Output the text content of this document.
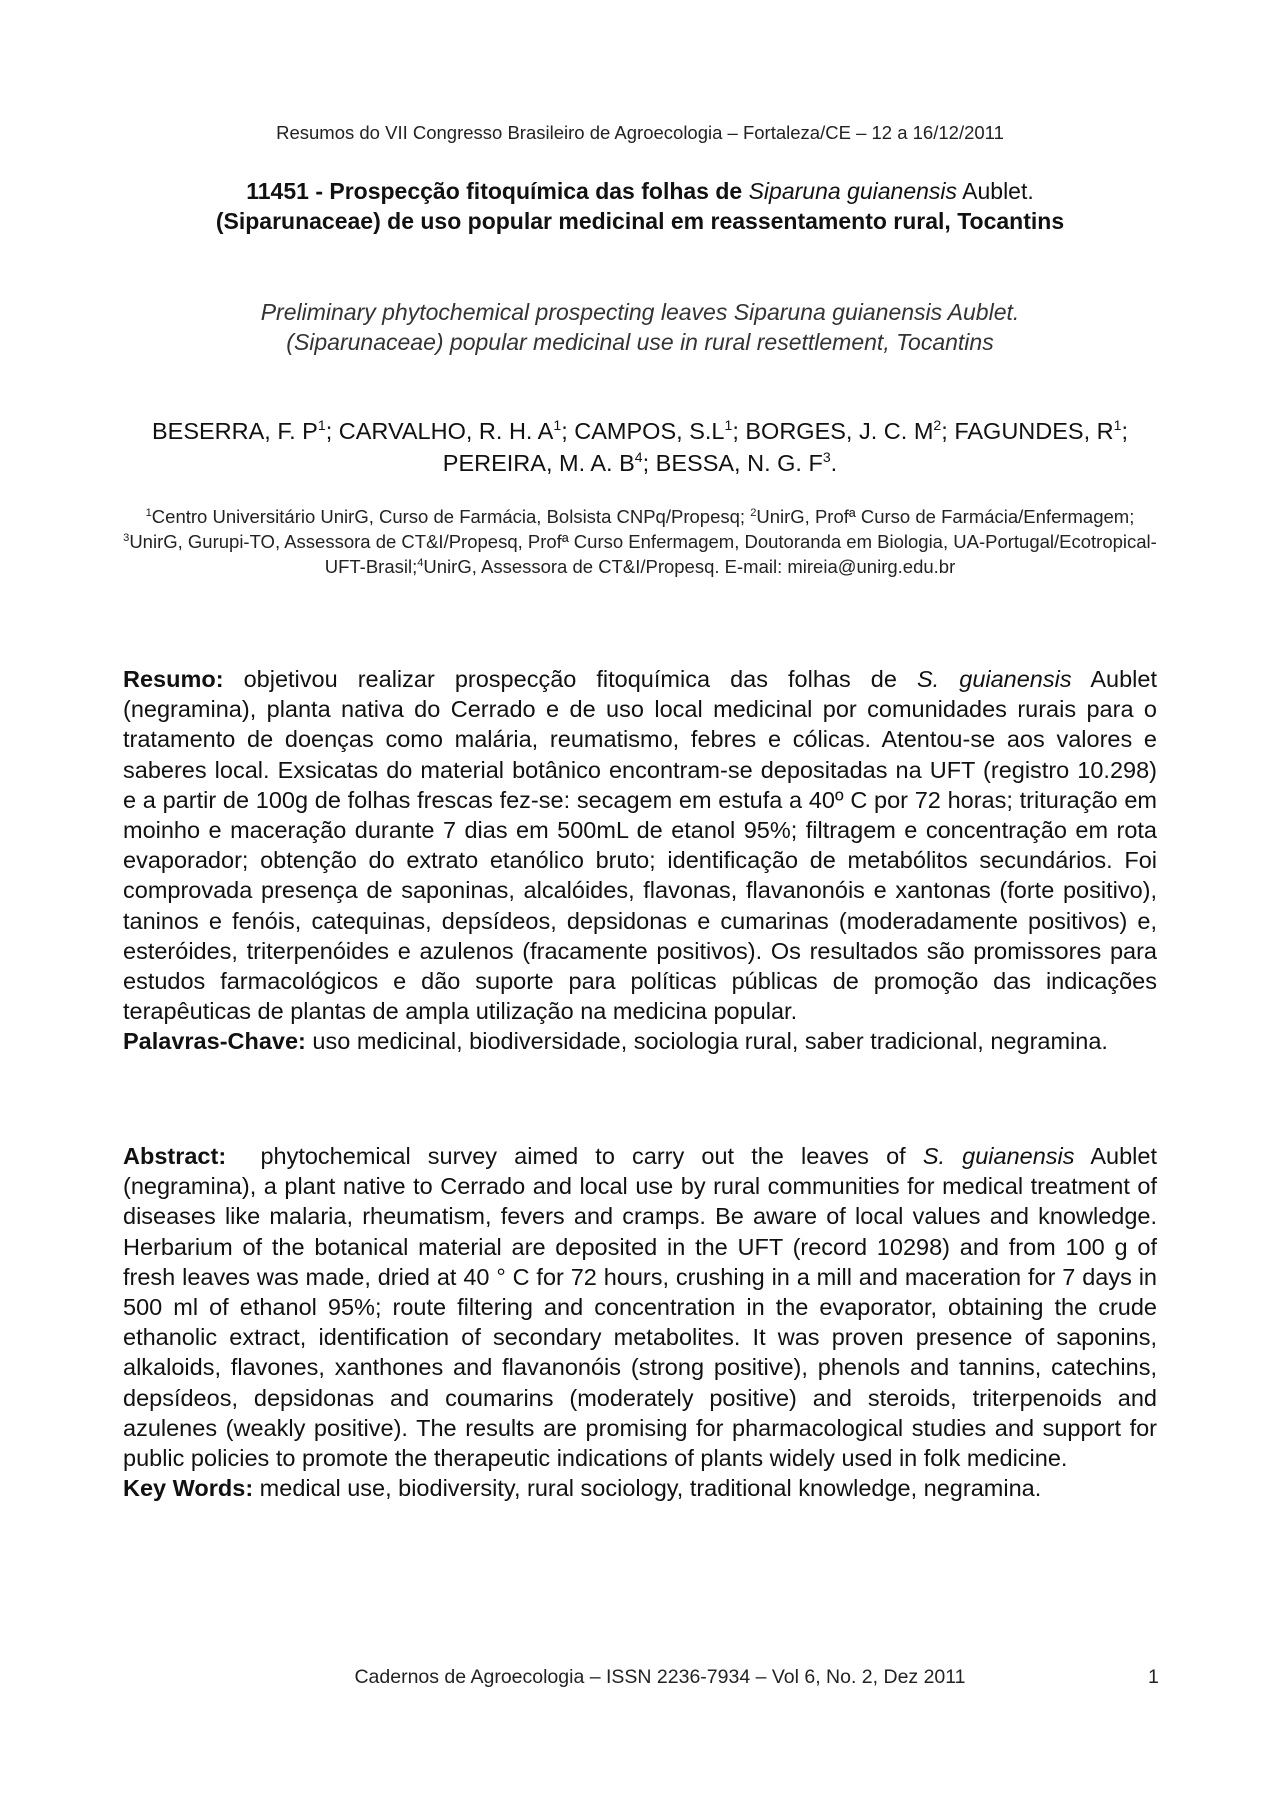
Resumos do VII Congresso Brasileiro de Agroecologia – Fortaleza/CE – 12 a 16/12/2011
11451 - Prospecção fitoquímica das folhas de Siparuna guianensis Aublet.
(Siparunaceae) de uso popular medicinal em reassentamento rural, Tocantins
Preliminary phytochemical prospecting leaves Siparuna guianensis Aublet.
(Siparunaceae) popular medicinal use in rural resettlement, Tocantins
BESERRA, F. $P^1$; CARVALHO, R. H. $A^1$; CAMPOS, $S.L^1$; BORGES, J. C. $M^2$; FAGUNDES, $R^1$; PEREIRA, M. A. $B^4$; BESSA, N. G. $F^3$.
$^1$Centro Universitário UnirG, Curso de Farmácia, Bolsista CNPq/Propesq; $^2$UnirG, Profª Curso de Farmácia/Enfermagem; $^3$UnirG, Gurupi-TO, Assessora de CT&I/Propesq, Profª Curso Enfermagem, Doutoranda em Biologia, UA-Portugal/Ecotropical-UFT-Brasil;$^4$UnirG, Assessora de CT&I/Propesq. E-mail: mireia@unirg.edu.br

Resumo: objetivou realizar prospecção fitoquímica das folhas de S. guianensis Aublet (negramina), planta nativa do Cerrado e de uso local medicinal por comunidades rurais para o tratamento de doenças como malária, reumatismo, febres e cólicas. Atentou-se aos valores e saberes local. Exsicatas do material botânico encontram-se depositadas na UFT (registro 10.298) e a partir de 100g de folhas frescas fez-se: secagem em estufa a 40º C por 72 horas; trituração em moinho e maceração durante 7 dias em 500mL de etanol 95%; filtragem e concentração em rota evaporador; obtenção do extrato etanólico bruto; identificação de metabólitos secundários. Foi comprovada presença de saponinas, alcalóides, flavonas, flavanonóis e xantonas (forte positivo), taninos e fenóis, catequinas, depsídeos, depsidonas e cumarinas (moderadamente positivos) e, esteróides, triterpenóides e azulenos (fracamente positivos). Os resultados são promissores para estudos farmacológicos e dão suporte para políticas públicas de promoção das indicações terapêuticas de plantas de ampla utilização na medicina popular.

Palavras-Chave: uso medicinal, biodiversidade, sociologia rural, saber tradicional, negramina.

Abstract:  phytochemical survey aimed to carry out the leaves of S. guianensis Aublet (negramina), a plant native to Cerrado and local use by rural communities for medical treatment of diseases like malaria, rheumatism, fevers and cramps. Be aware of local values and knowledge. Herbarium of the botanical material are deposited in the UFT (record 10298) and from 100 g of fresh leaves was made, dried at 40 ° C for 72 hours, crushing in a mill and maceration for 7 days in 500 ml of ethanol 95%; route filtering and concentration in the evaporator, obtaining the crude ethanolic extract, identification of secondary metabolites. It was proven presence of saponins, alkaloids, flavones, xanthones and flavanonóis (strong positive), phenols and tannins, catechins, depsídeos, depsidonas and coumarins (moderately positive) and steroids, triterpenoids and azulenes (weakly positive). The results are promising for pharmacological studies and support for public policies to promote the therapeutic indications of plants widely used in folk medicine.

Key Words: medical use, biodiversity, rural sociology, traditional knowledge, negramina.

Cadernos de Agroecologia – ISSN 2236-7934 – Vol 6, No. 2, Dez 2011	1
